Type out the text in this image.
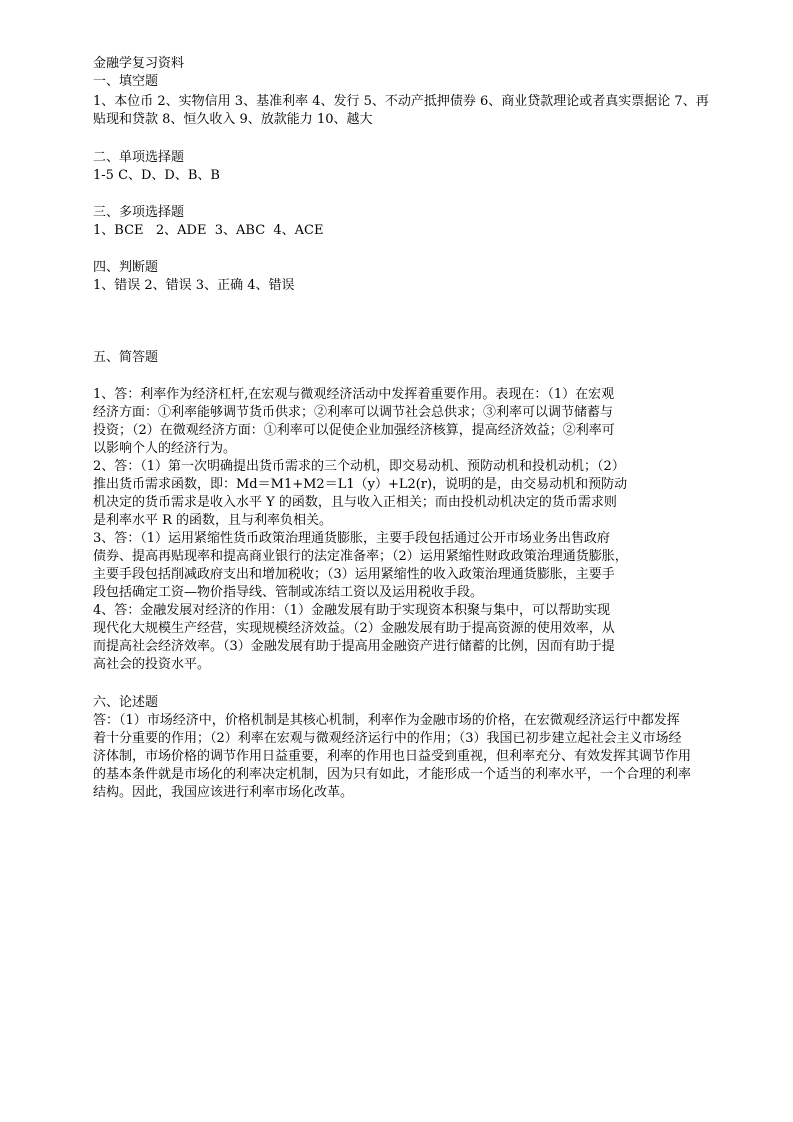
金融学复习资料
一、填空题
1、本位币 2、实物信用 3、基准利率 4、发行 5、不动产抵押债券 6、商业贷款理论或者真实票据论 7、再
贴现和贷款 8、恒久收入 9、放款能力 10、越大
二、单项选择题
1-5 C、D、D、B、B
三、多项选择题
1、BCE   2、ADE  3、ABC  4、ACE
四、判断题
1、错误 2、错误 3、正确 4、错误
五、简答题
1、答：利率作为经济杠杆,在宏观与微观经济活动中发挥着重要作用。表现在：（1）在宏观
经济方面：①利率能够调节货币供求；②利率可以调节社会总供求；③利率可以调节储蓄与
投资；（2）在微观经济方面：①利率可以促使企业加强经济核算，提高经济效益；②利率可
以影响个人的经济行为。
2、答：（1）第一次明确提出货币需求的三个动机，即交易动机、预防动机和投机动机；（2）
推出货币需求函数，即：Md＝M1+M2＝L1（y）+L2(r)，说明的是，由交易动机和预防动
机决定的货币需求是收入水平 Y 的函数，且与收入正相关；而由投机动机决定的货币需求则
是利率水平 R 的函数，且与利率负相关。
3、答：（1）运用紧缩性货币政策治理通货膨胀，主要手段包括通过公开市场业务出售政府
债券、提高再贴现率和提高商业银行的法定准备率；（2）运用紧缩性财政政策治理通货膨胀，
主要手段包括削减政府支出和增加税收；（3）运用紧缩性的收入政策治理通货膨胀，主要手
段包括确定工资—物价指导线、管制或冻结工资以及运用税收手段。
4、答：金融发展对经济的作用：（1）金融发展有助于实现资本积聚与集中，可以帮助实现
现代化大规模生产经营，实现规模经济效益。（2）金融发展有助于提高资源的使用效率，从
而提高社会经济效率。（3）金融发展有助于提高用金融资产进行储蓄的比例，因而有助于提
高社会的投资水平。
六、论述题
答：（1）市场经济中，价格机制是其核心机制，利率作为金融市场的价格，在宏微观经济运行中都发挥
着十分重要的作用；（2）利率在宏观与微观经济运行中的作用；（3）我国已初步建立起社会主义市场经
济体制，市场价格的调节作用日益重要，利率的作用也日益受到重视，但利率充分、有效发挥其调节作用
的基本条件就是市场化的利率决定机制，因为只有如此，才能形成一个适当的利率水平，一个合理的利率
结构。因此，我国应该进行利率市场化改革。
